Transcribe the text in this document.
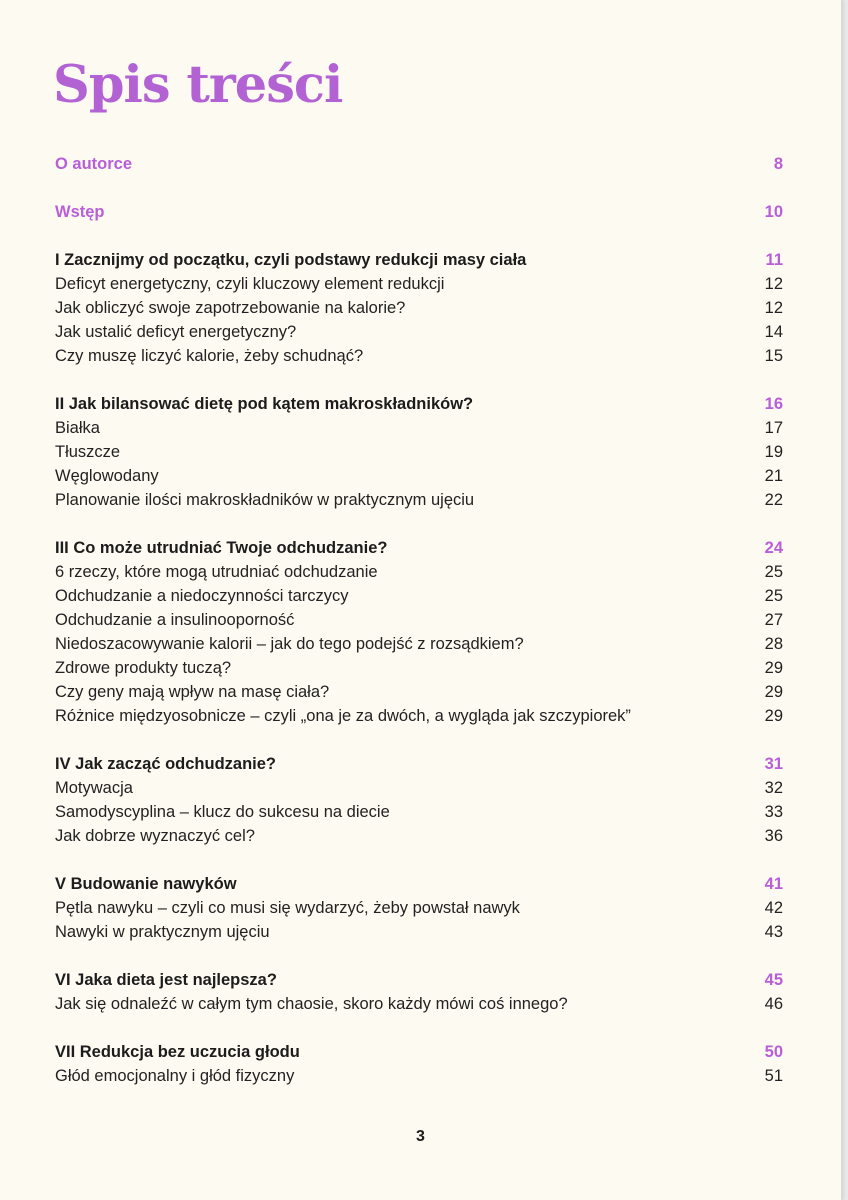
Spis treści
O autorce	8
Wstęp	10
I Zacznijmy od początku, czyli podstawy redukcji masy ciała	11
Deficyt energetyczny, czyli kluczowy element redukcji	12
Jak obliczyć swoje zapotrzebowanie na kalorie?	12
Jak ustalić deficyt energetyczny?	14
Czy muszę liczyć kalorie, żeby schudnąć?	15
II Jak bilansować dietę pod kątem makroskładników?	16
Białka	17
Tłuszcze	19
Węglowodany	21
Planowanie ilości makroskładników w praktycznym ujęciu	22
III Co może utrudniać Twoje odchudzanie?	24
6 rzeczy, które mogą utrudniać odchudzanie	25
Odchudzanie a niedoczynności tarczycy	25
Odchudzanie a insulinooporność	27
Niedoszacowywanie kalorii – jak do tego podejść z rozsądkiem?	28
Zdrowe produkty tuczą?	29
Czy geny mają wpływ na masę ciała?	29
Różnice międzyosobnicze – czyli „ona je za dwóch, a wygląda jak szczypiorek”	29
IV Jak zacząć odchudzanie?	31
Motywacja	32
Samodyscyplina – klucz do sukcesu na diecie	33
Jak dobrze wyznaczyć cel?	36
V Budowanie nawyków	41
Pętla nawyku – czyli co musi się wydarzyć, żeby powstał nawyk	42
Nawyki w praktycznym ujęciu	43
VI Jaka dieta jest najlepsza?	45
Jak się odnaleźć w całym tym chaosie, skoro każdy mówi coś innego?	46
VII Redukcja bez uczucia głodu	50
Głód emocjonalny i głód fizyczny	51
3
